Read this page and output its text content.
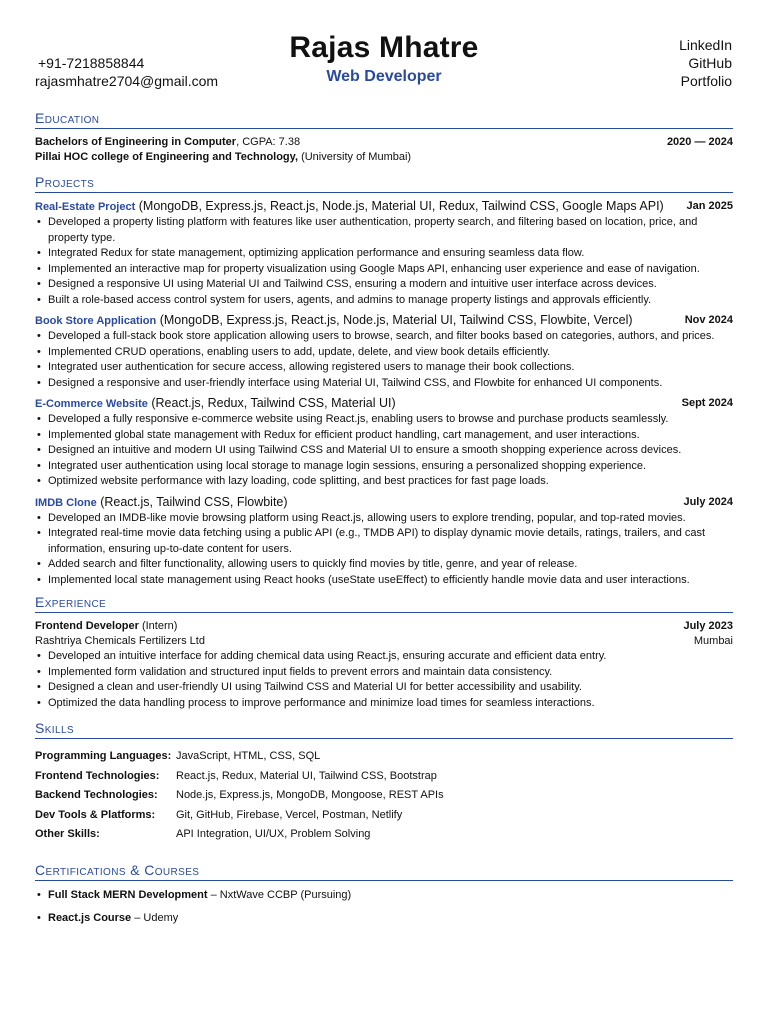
+91-7218858844
rajasmhatre2704@gmail.com
Rajas Mhatre
Web Developer
LinkedIn
GitHub
Portfolio
Education
Bachelors of Engineering in Computer, CGPA: 7.38	2020 — 2024
Pillai HOC college of Engineering and Technology, (University of Mumbai)
Projects
Real-Estate Project (MongoDB, Express.js, React.js, Node.js, Material UI, Redux, Tailwind CSS, Google Maps API) Jan 2025
• Developed a property listing platform with features like user authentication, property search, and filtering based on location, price, and property type.
• Integrated Redux for state management, optimizing application performance and ensuring seamless data flow.
• Implemented an interactive map for property visualization using Google Maps API, enhancing user experience and ease of navigation.
• Designed a responsive UI using Material UI and Tailwind CSS, ensuring a modern and intuitive user interface across devices.
• Built a role-based access control system for users, agents, and admins to manage property listings and approvals efficiently.
Book Store Application (MongoDB, Express.js, React.js, Node.js, Material UI, Tailwind CSS, Flowbite, Vercel)	Nov 2024
• Developed a full-stack book store application allowing users to browse, search, and filter books based on categories, authors, and prices.
• Implemented CRUD operations, enabling users to add, update, delete, and view book details efficiently.
• Integrated user authentication for secure access, allowing registered users to manage their book collections.
• Designed a responsive and user-friendly interface using Material UI, Tailwind CSS, and Flowbite for enhanced UI components.
E-Commerce Website (React.js, Redux, Tailwind CSS, Material UI)	Sept 2024
• Developed a fully responsive e-commerce website using React.js, enabling users to browse and purchase products seamlessly.
• Implemented global state management with Redux for efficient product handling, cart management, and user interactions.
• Designed an intuitive and modern UI using Tailwind CSS and Material UI to ensure a smooth shopping experience across devices.
• Integrated user authentication using local storage to manage login sessions, ensuring a personalized shopping experience.
• Optimized website performance with lazy loading, code splitting, and best practices for fast page loads.
IMDB Clone (React.js, Tailwind CSS, Flowbite)	July 2024
• Developed an IMDB-like movie browsing platform using React.js, allowing users to explore trending, popular, and top-rated movies.
• Integrated real-time movie data fetching using a public API (e.g., TMDB API) to display dynamic movie details, ratings, trailers, and cast information, ensuring up-to-date content for users.
• Added search and filter functionality, allowing users to quickly find movies by title, genre, and year of release.
• Implemented local state management using React hooks (useState useEffect) to efficiently handle movie data and user interactions.
Experience
Frontend Developer (Intern)	July 2023
Rashtriya Chemicals Fertilizers Ltd	Mumbai
• Developed an intuitive interface for adding chemical data using React.js, ensuring accurate and efficient data entry.
• Implemented form validation and structured input fields to prevent errors and maintain data consistency.
• Designed a clean and user-friendly UI using Tailwind CSS and Material UI for better accessibility and usability.
• Optimized the data handling process to improve performance and minimize load times for seamless interactions.
Skills
Programming Languages: JavaScript, HTML, CSS, SQL
Frontend Technologies:	React.js, Redux, Material UI, Tailwind CSS, Bootstrap
Backend Technologies:	Node.js, Express.js, MongoDB, Mongoose, REST APIs
Dev Tools & Platforms:	Git, GitHub, Firebase, Vercel, Postman, Netlify
Other Skills:	API Integration, UI/UX, Problem Solving
Certifications & Courses
• Full Stack MERN Development – NxtWave CCBP (Pursuing)
• React.js Course – Udemy
